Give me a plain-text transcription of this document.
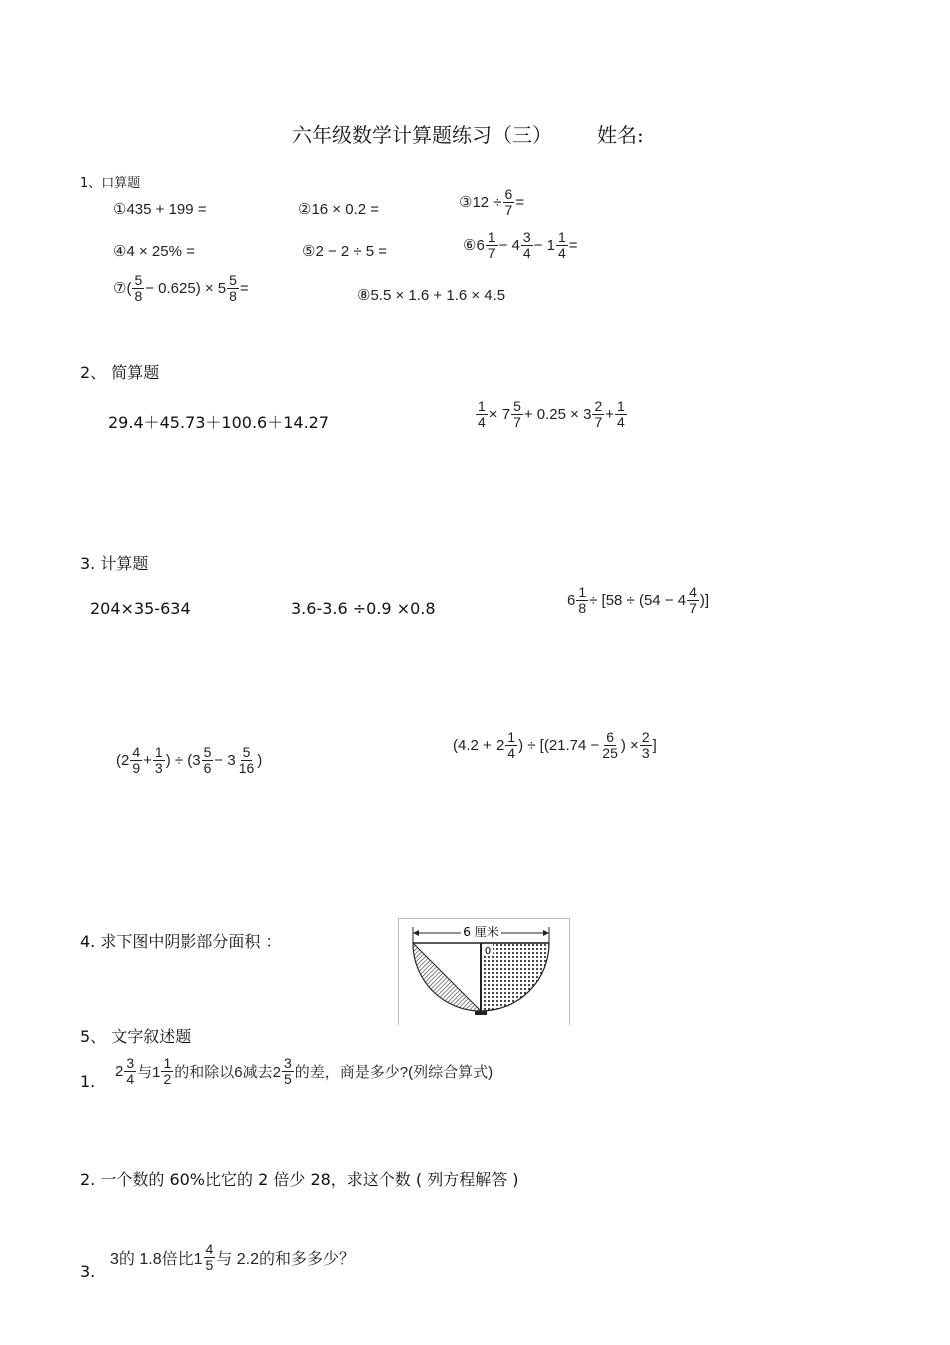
六年级数学计算题练习（三） 姓名:
1、口算题
① 435 + 199 =	② 16 × 0.2 =	③ $12 \div \frac{6}{7}$ =
④ 4 × 25% =	⑤ 2 − 2 ÷ 5 =	⑥ $6 \frac{1}{7} - 4 \frac{3}{4} - 1 \frac{1}{4}$ =
⑦ ( $\frac{5}{8} - 0.625) \times 5 \frac{5}{8}$ =	⑧ 5.5 × 1.6 + 1.6 × 4.5
2、 简算题
29.4＋45.73＋100.6＋14.27	$\frac{1}{4} \times 7 \frac{5}{7} + 0.25 \times 3 \frac{2}{7} + \frac{1}{4}$
3. 计算题
204×35-634	3.6-3.6 ÷0.9 ×0.8	$6 \frac{1}{8} \div [58 \div (54 - 4 \frac{4}{7}$ )]
($2 \frac{4}{9} + \frac{1}{3}$ ) ÷ ($3 \frac{5}{6} - 3 \frac{5}{16}$ )
($4.2 + 2 \frac{1}{4}$ ) ÷ [($21.74 - \frac{6}{25}$ ) × $\frac{2}{3}$ ]
4. 求下图中阴影部分面积 ：	6 厘米
0
5、 文字叙述题
1.
$2 \frac{3}{4}$ 与$1 \frac{1}{2}$ 的和除以6减去$2 \frac{3}{5}$ 的差，商是多少?(列综合算式)
2. 一个数的 60%比它的 2 倍少 28，求这个数 ( 列方程解答 )
3.
3的 1.8倍比$1 \frac{4}{5}$ 与 2.2的和多多少？
